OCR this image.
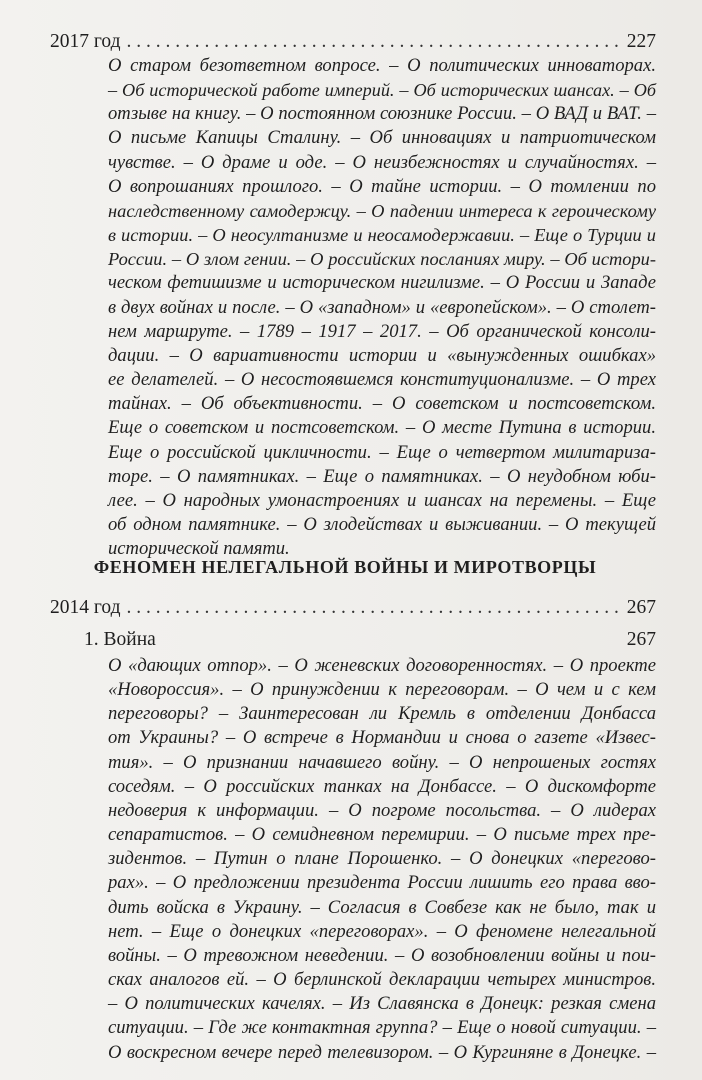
2017 год . . .	227
О старом безответном вопросе. – О политических инноваторах.
– Об исторической работе империй. – Об исторических шансах. – Об
отзыве на книгу. – О постоянном союзнике России. – О ВАД и ВАТ. –
О письме Капицы Сталину. – Об инновациях и патриотическом
чувстве. – О драме и оде. – О неизбежностях и случайностях. –
О вопрошаниях прошлого. – О тайне истории. – О томлении по
наследственному самодержцу. – О падении интереса к героическому
в истории. – О неосултанизме и неосамодержавии. – Еще о Турции и
России. – О злом гении. – О российских посланиях миру. – Об истори-
ческом фетишизме и историческом нигилизме. – О России и Западе
в двух войнах и после. – О «западном» и «европейском». – О столет-
нем маршруте. – 1789 – 1917 – 2017. – Об органической консоли-
дации. – О вариативности истории и «вынужденных ошибках»
ее делателей. – О несостоявшемся конституционализме. – О трех
тайнах. – Об объективности. – О советском и постсоветском.
Еще о советском и постсоветском. – О месте Путина в истории.
Еще о российской цикличности. – Еще о четвертом милитариза-
торе. – О памятниках. – Еще о памятниках. – О неудобном юби-
лее. – О народных умонастроениях и шансах на перемены. – Еще
об одном памятнике. – О злодействах и выживании. – О текущей
исторической памяти.
ФЕНОМЕН НЕЛЕГАЛЬНОЙ ВОЙНЫ И МИРОТВОРЦЫ
2014 год . . .	267
1. Война	267
О «дающих отпор». – О женевских договоренностях. – О проекте
«Новороссия». – О принуждении к переговорам. – О чем и с кем
переговоры? – Заинтересован ли Кремль в отделении Донбасса
от Украины? – О встрече в Нормандии и снова о газете «Извес-
тия». – О признании начавшего войну. – О непрошеных гостях
соседям. – О российских танках на Донбассе. – О дискомфорте
недоверия к информации. – О погроме посольства. – О лидерах
сепаратистов. – О семидневном перемирии. – О письме трех пре-
зидентов. – Путин о плане Порошенко. – О донецких «перегово-
рах». – О предложении президента России лишить его права вво-
дить войска в Украину. – Согласия в Совбезе как не было, так и
нет. – Еще о донецких «переговорах». – О феномене нелегальной
войны. – О тревожном неведении. – О возобновлении войны и пои-
сках аналогов ей. – О берлинской декларации четырех министров.
– О политических качелях. – Из Славянска в Донецк: резкая смена
ситуации. – Где же контактная группа? – Еще о новой ситуации. –
О воскресном вечере перед телевизором. – О Кургиняне в Донецке. –
